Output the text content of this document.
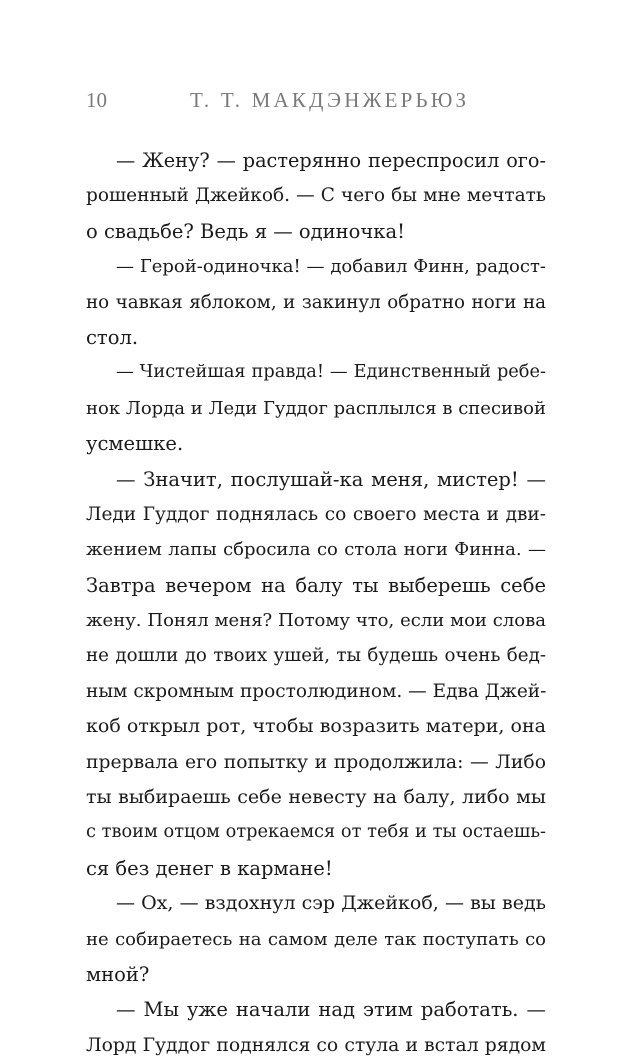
10	Т. Т. МАКДЭНЖЕРЬЮЗ
— Жену? — растерянно переспросил ого-
рошенный Джейкоб. — С чего бы мне мечтать
о свадьбе? Ведь я — одиночка!
— Герой-одиночка! — добавил Финн, радост-
но чавкая яблоком, и закинул обратно ноги на
стол.
— Чистейшая правда! — Единственный ребе-
нок Лорда и Леди Гуддог расплылся в спесивой
усмешке.
— Значит, послушай-ка меня, мистер! —
Леди Гуддог поднялась со своего места и дви-
жением лапы сбросила со стола ноги Финна. —
Завтра вечером на балу ты выберешь себе
жену. Понял меня? Потому что, если мои слова
не дошли до твоих ушей, ты будешь очень бед-
ным скромным простолюдином. — Едва Джей-
коб открыл рот, чтобы возразить матери, она
прервала его попытку и продолжила: — Либо
ты выбираешь себе невесту на балу, либо мы
с твоим отцом отрекаемся от тебя и ты остаешь-
ся без денег в кармане!
— Ох, — вздохнул сэр Джейкоб, — вы ведь
не собираетесь на самом деле так поступать со
мной?
— Мы уже начали над этим работать. —
Лорд Гуддог поднялся со стула и встал рядом
